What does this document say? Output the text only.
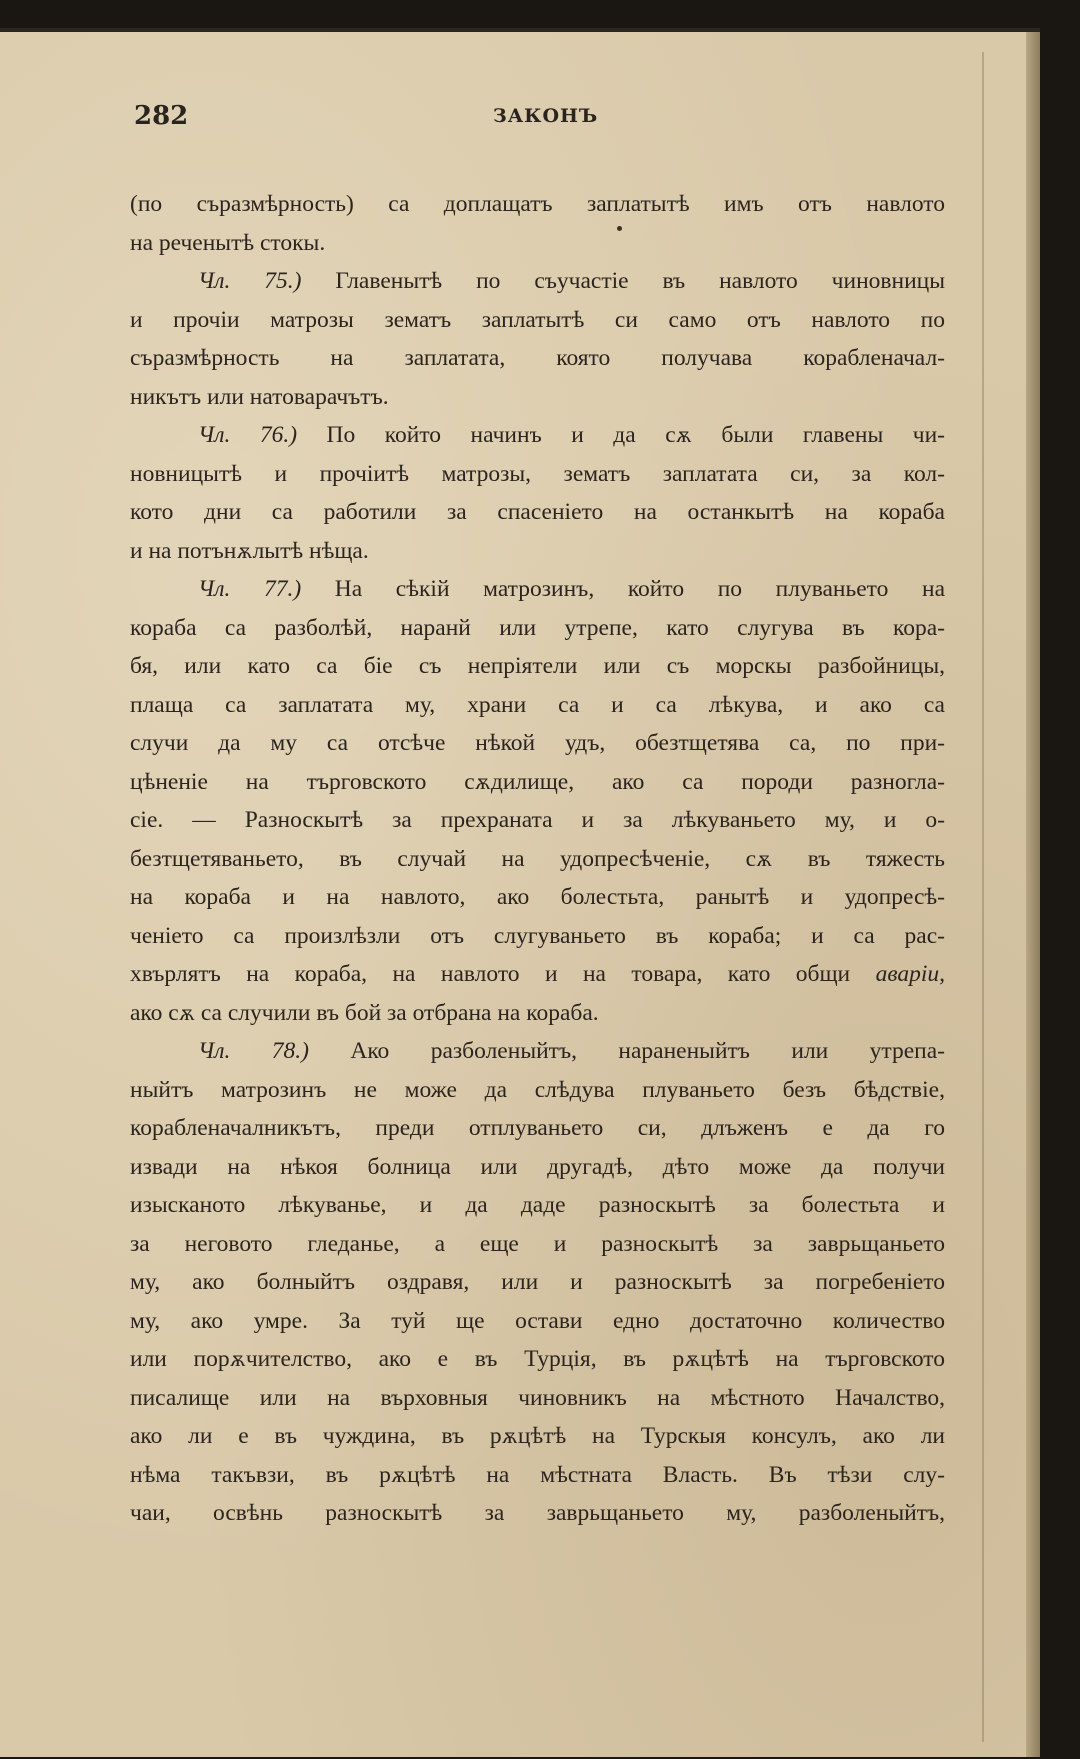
282	ЗАКОНЪ

(по съразмѣрность) са доплащатъ заплатытѣ имъ отъ навлото
на реченытѣ стокы.

Чл. 75.) Главенытѣ по съучастіе въ навлото чиновницы
и прочіи матрозы зематъ заплатытѣ си само отъ навлото по
съразмѣрность на заплатата, която получава корабленачал-
никътъ или натоварачътъ.

Чл. 76.) По който начинъ и да сѫ были главены чи-
новницытѣ и прочіитѣ матрозы, зематъ заплатата си, за кол-
кото дни са работили за спасеніето на останкытѣ на кораба
и на потънѫлытѣ нѣща.

Чл. 77.) На сѣкій матрозинъ, който по плуваньето на
кораба са разболѣй, наранй или утрепе, като слугува въ кора-
бя, или като са біе съ непріятели или съ морскы разбойницы,
плаща са заплатата му, храни са и са лѣкува, и ако са
случи да му са отсѣче нѣкой удъ, обезтщетява са, по при-
цѣненіе на търговското сѫдилище, ако са породи разногла-
сіе. — Разноскытѣ за прехраната и за лѣкуваньето му, и о-
безтщетяваньето, въ случай на удопресѣченіе, сѫ въ тяжесть
на кораба и на навлото, ако болестьта, ранытѣ и удопресѣ-
ченіето са произлѣзли отъ слугуваньето въ кораба; и са рас-
хвърлятъ на кораба, на навлото и на товара, като общи аваріи,
ако сѫ са случили въ бой за отбрана на кораба.

Чл. 78.) Ако разболеныйтъ, нараненыйтъ или утрепа-
ныйтъ матрозинъ не може да слѣдува плуваньето безъ бѣдствіе,
корабленачалникътъ, преди отплуваньето си, длъженъ е да го
извади на нѣкоя болница или другадѣ, дѣто може да получи
изысканото лѣкуванье, и да даде разноскытѣ за болестьта и
за неговото гледанье, а еще и разноскытѣ за заврьщаньето
му, ако болныйтъ оздравя, или и разноскытѣ за погребеніето
му, ако умре. За туй ще остави едно достаточно количество
или порѫчителство, ако е въ Турція, въ рѫцѣтѣ на търговското
писалище или на върховныя чиновникъ на мѣстното Началство,
ако ли е въ чуждина, въ рѫцѣтѣ на Турскыя консулъ, ако ли
нѣма такъвзи, въ рѫцѣтѣ на мѣстната Власть. Въ тѣзи слу-
чаи, освѣнь разноскытѣ за заврьщаньето му, разболеныйтъ,
